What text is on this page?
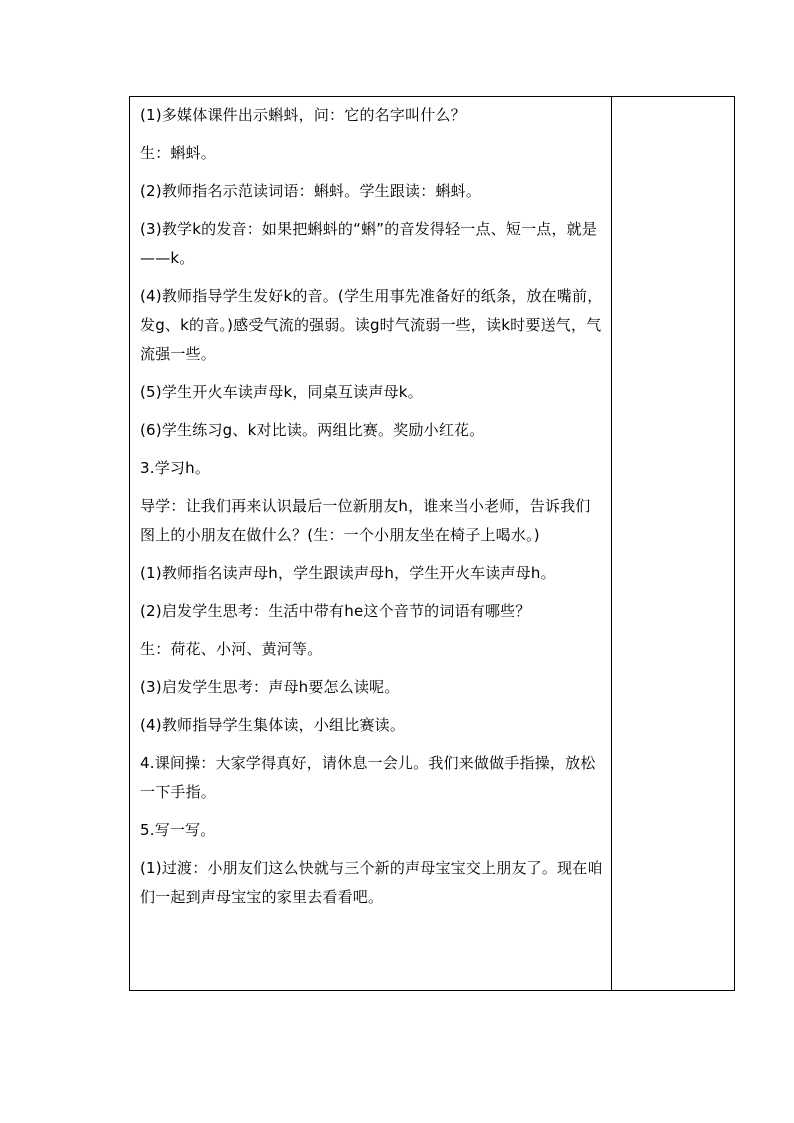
(1)多媒体课件出示蝌蚪，问：它的名字叫什么？

生：蝌蚪。

(2)教师指名示范读词语：蝌蚪。学生跟读：蝌蚪。

(3)教学k的发音：如果把蝌蚪的“蝌”的音发得轻一点、短一点，就是——k。

(4)教师指导学生发好k的音。(学生用事先准备好的纸条，放在嘴前，发g、k的音。)感受气流的强弱。读g时气流弱一些，读k时要送气，气流强一些。

(5)学生开火车读声母k，同桌互读声母k。

(6)学生练习g、k对比读。两组比赛。奖励小红花。

3.学习h。

导学：让我们再来认识最后一位新朋友h，谁来当小老师，告诉我们图上的小朋友在做什么？(生：一个小朋友坐在椅子上喝水。)

(1)教师指名读声母h，学生跟读声母h，学生开火车读声母h。

(2)启发学生思考：生活中带有he这个音节的词语有哪些？

生：荷花、小河、黄河等。

(3)启发学生思考：声母h要怎么读呢。

(4)教师指导学生集体读，小组比赛读。

4.课间操：大家学得真好，请休息一会儿。我们来做做手指操，放松一下手指。

5.写一写。

(1)过渡：小朋友们这么快就与三个新的声母宝宝交上朋友了。现在咱们一起到声母宝宝的家里去看看吧。
